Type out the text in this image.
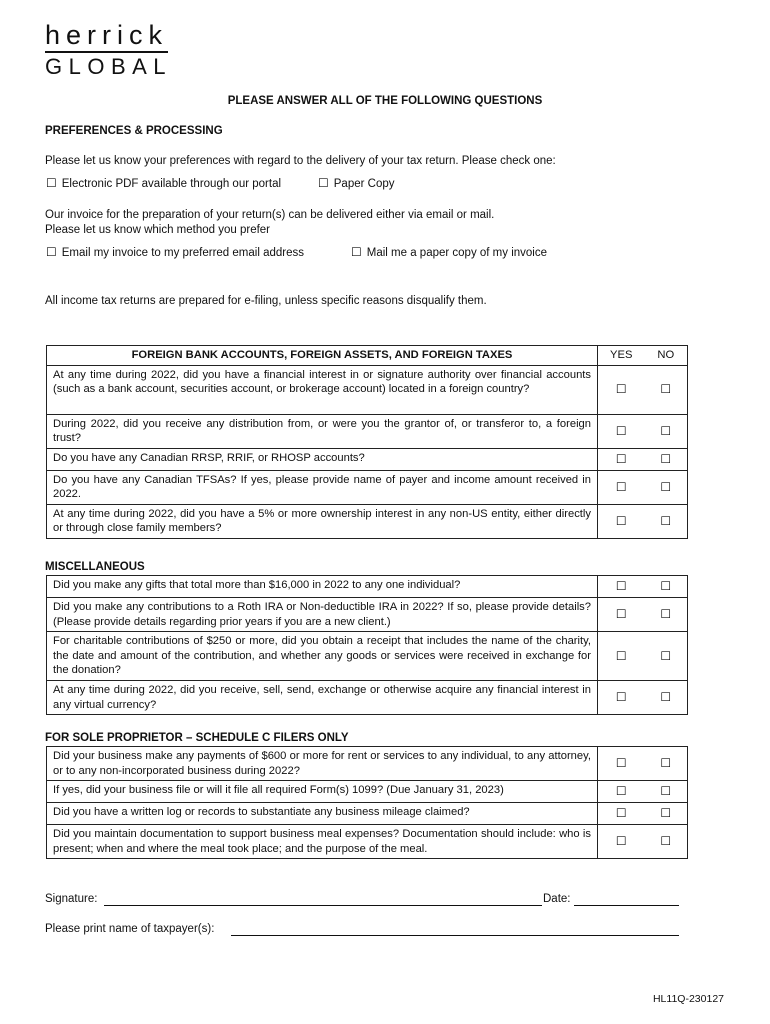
herrick
GLOBAL
PLEASE ANSWER ALL OF THE FOLLOWING QUESTIONS
PREFERENCES & PROCESSING
Please let us know your preferences with regard to the delivery of your tax return. Please check one:
☐ Electronic PDF available through our portal	☐ Paper Copy
Our invoice for the preparation of your return(s) can be delivered either via email or mail.
Please let us know which method you prefer
☐ Email my invoice to my preferred email address	☐ Mail me a paper copy of my invoice
All income tax returns are prepared for e-filing, unless specific reasons disqualify them.
FOREIGN BANK ACCOUNTS, FOREIGN ASSETS, AND FOREIGN TAXES	YES	NO
At any time during 2022, did you have a financial interest in or signature authority over financial accounts (such as a bank account, securities account, or brokerage account) located in a foreign country?	☐	☐
During 2022, did you receive any distribution from, or were you the grantor of, or transferor to, a foreign trust?	☐	☐
Do you have any Canadian RRSP, RRIF, or RHOSP accounts?	☐	☐
Do you have any Canadian TFSAs? If yes, please provide name of payer and income amount received in 2022.	☐	☐
At any time during 2022, did you have a 5% or more ownership interest in any non-US entity, either directly or through close family members?	☐	☐
MISCELLANEOUS
Did you make any gifts that total more than $16,000 in 2022 to any one individual?	☐	☐
Did you make any contributions to a Roth IRA or Non-deductible IRA in 2022? If so, please provide details? (Please provide details regarding prior years if you are a new client.)	☐	☐
For charitable contributions of $250 or more, did you obtain a receipt that includes the name of the charity, the date and amount of the contribution, and whether any goods or services were received in exchange for the donation?	☐	☐
At any time during 2022, did you receive, sell, send, exchange or otherwise acquire any financial interest in any virtual currency?	☐	☐
FOR SOLE PROPRIETOR – SCHEDULE C FILERS ONLY
Did your business make any payments of $600 or more for rent or services to any individual, to any attorney, or to any non-incorporated business during 2022?	☐	☐
If yes, did your business file or will it file all required Form(s) 1099? (Due January 31, 2023)	☐	☐
Did you have a written log or records to substantiate any business mileage claimed?	☐	☐
Did you maintain documentation to support business meal expenses? Documentation should include: who is present; when and where the meal took place; and the purpose of the meal.	☐	☐
Signature:	Date:
Please print name of taxpayer(s):
HL11Q-230127
